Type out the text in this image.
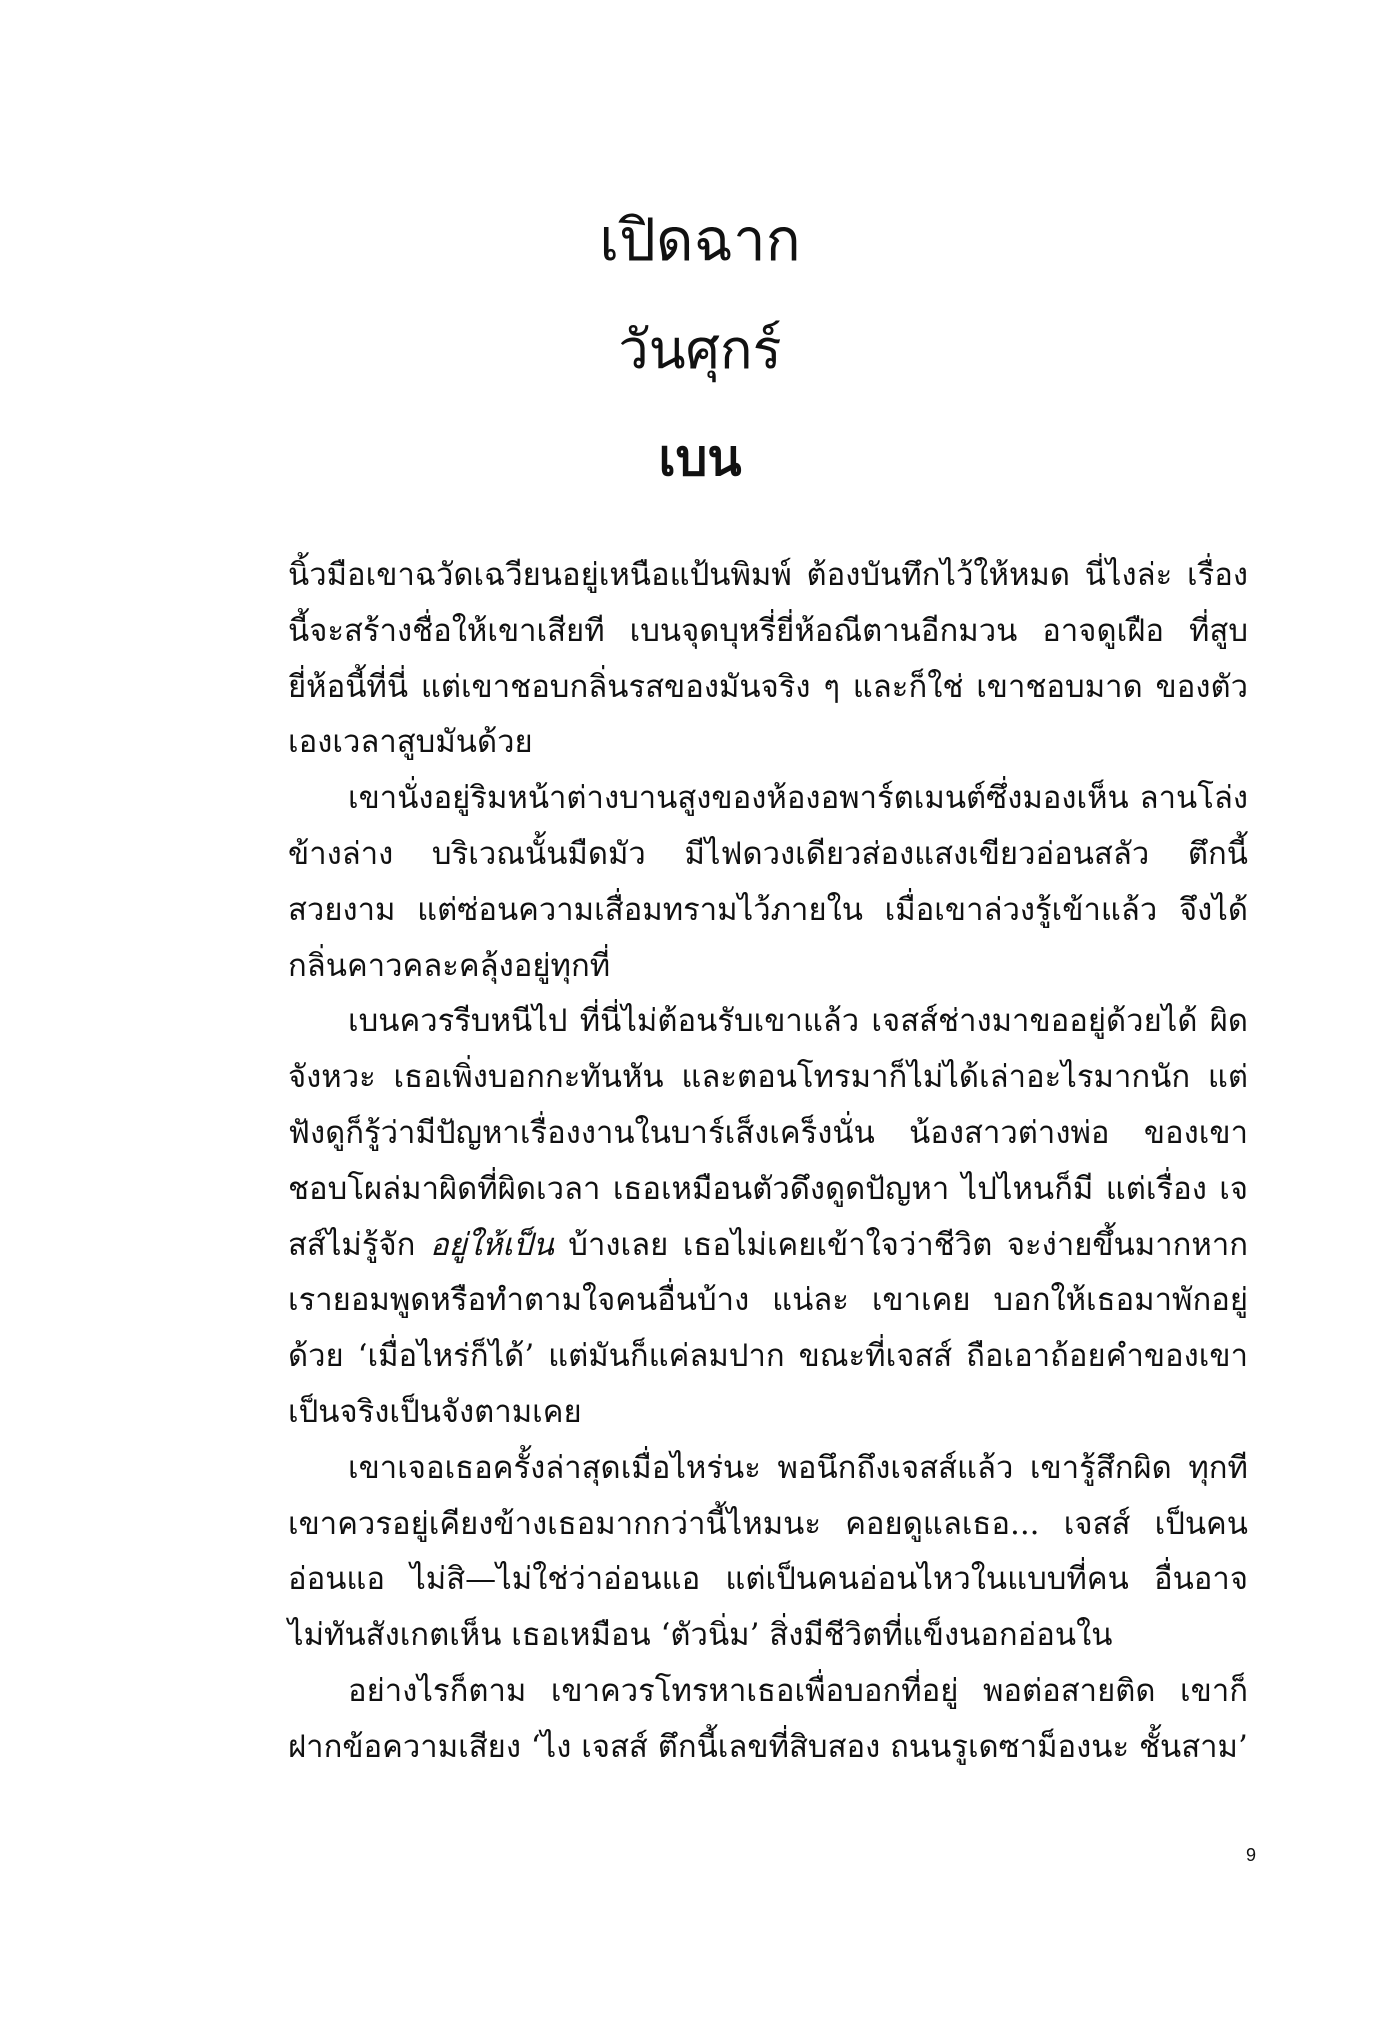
เปิดฉาก
วันศุกร์
เบน

นิ้วมือเขาฉวัดเฉวียนอยู่เหนือแป้นพิมพ์ ต้องบันทึกไว้ให้หมด นี่ไงล่ะ เรื่องนี้จะสร้างชื่อให้เขาเสียที เบนจุดบุหรี่ยี่ห้อณีตานอีกมวน อาจดูเฝือ ที่สูบยี่ห้อนี้ที่นี่ แต่เขาชอบกลิ่นรสของมันจริง ๆ และก็ใช่ เขาชอบมาด ของตัวเองเวลาสูบมันด้วย

เขานั่งอยู่ริมหน้าต่างบานสูงของห้องอพาร์ตเมนต์ซึ่งมองเห็น ลานโล่งข้างล่าง บริเวณนั้นมืดมัว มีไฟดวงเดียวส่องแสงเขียวอ่อนสลัว ตึกนี้สวยงาม แต่ซ่อนความเสื่อมทรามไว้ภายใน เมื่อเขาล่วงรู้เข้าแล้ว จึงได้กลิ่นคาวคละคลุ้งอยู่ทุกที่

เบนควรรีบหนีไป ที่นี่ไม่ต้อนรับเขาแล้ว เจสส์ช่างมาขออยู่ด้วยได้ ผิดจังหวะ เธอเพิ่งบอกกะทันหัน และตอนโทรมาก็ไม่ได้เล่าอะไรมากนัก แต่ฟังดูก็รู้ว่ามีปัญหาเรื่องงานในบาร์เส็งเคร็งนั่น น้องสาวต่างพ่อ ของเขาชอบโผล่มาผิดที่ผิดเวลา เธอเหมือนตัวดึงดูดปัญหา ไปไหนก็มี แต่เรื่อง เจสส์ไม่รู้จัก อยู่ให้เป็น บ้างเลย เธอไม่เคยเข้าใจว่าชีวิต จะง่ายขึ้นมากหากเรายอมพูดหรือทำตามใจคนอื่นบ้าง แน่ละ เขาเคย บอกให้เธอมาพักอยู่ด้วย ‘เมื่อไหร่ก็ได้’ แต่มันก็แค่ลมปาก ขณะที่เจสส์ ถือเอาถ้อยคำของเขาเป็นจริงเป็นจังตามเคย

เขาเจอเธอครั้งล่าสุดเมื่อไหร่นะ พอนึกถึงเจสส์แล้ว เขารู้สึกผิด ทุกที เขาควรอยู่เคียงข้างเธอมากกว่านี้ไหมนะ คอยดูแลเธอ... เจสส์ เป็นคนอ่อนแอ ไม่สิ—ไม่ใช่ว่าอ่อนแอ แต่เป็นคนอ่อนไหวในแบบที่คน อื่นอาจไม่ทันสังเกตเห็น เธอเหมือน ‘ตัวนิ่ม’ สิ่งมีชีวิตที่แข็งนอกอ่อนใน

อย่างไรก็ตาม เขาควรโทรหาเธอเพื่อบอกที่อยู่ พอต่อสายติด เขาก็ฝากข้อความเสียง ‘ไง เจสส์ ตึกนี้เลขที่สิบสอง ถนนรูเดซาม็องนะ ชั้นสาม’

9
